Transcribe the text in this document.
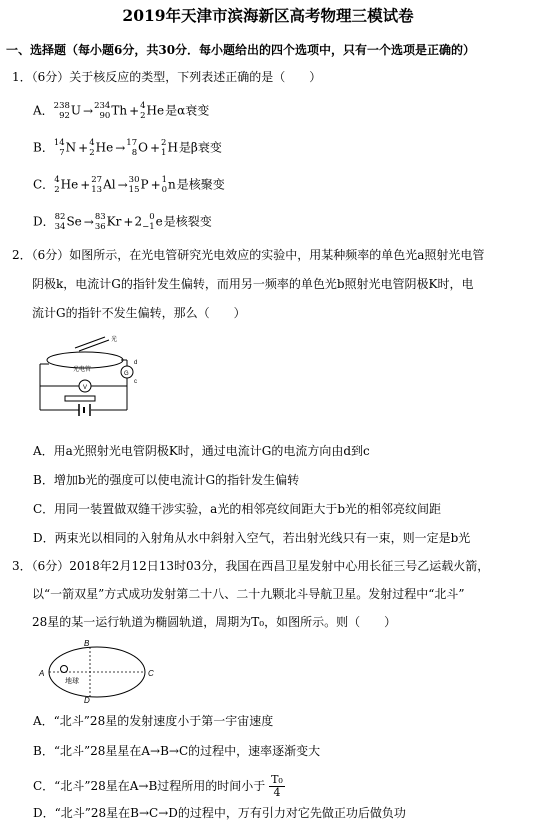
2019年天津市滨海新区高考物理三模试卷
一、选择题（每小题6分，共30分．每小题给出的四个选项中，只有一个选项是正确的）
1．（6分）关于核反应的类型，下列表述正确的是（　　）
A． 238
92 U → 234
90 Th + 4
2 He是α衰变
B． 14
7 N + 4
2 He → 17
8 O + 2
1 H是β衰变
C． 4
2 He + 27
13 Al → 30
15 P + 1
0 n是核聚变
D． 82
34 Se → 83
36 Kr +2 0
−1 e是核裂变
2．（6分）如图所示，在光电管研究光电效应的实验中，用某种频率的单色光a照射光电管
阴极k，电流计G的指针发生偏转，而用另一频率的单色光b照射光电管阴极K时，电
流计G的指针不发生偏转，那么（　　）
光
光电管
V
G
d
c
A．用a光照射光电管阴极K时，通过电流计G的电流方向由d到c
B．增加b光的强度可以使电流计G的指针发生偏转
C．用同一装置做双缝干涉实验，a光的相邻亮纹间距大于b光的相邻亮纹间距
D．两束光以相同的入射角从水中斜射入空气，若出射光线只有一束，则一定是b光
3．（6分）2018年2月12日13时03分，我国在西昌卫星发射中心用长征三号乙运载火箭，
以“一箭双星”方式成功发射第二十八、二十九颗北斗导航卫星。发射过程中“北斗”
28星的某一运行轨道为椭圆轨道，周期为T₀，如图所示。则（　　）
A
B
C
D
地球
A．“北斗”28星的发射速度小于第一宇宙速度
B．“北斗”28星星在A→B→C的过程中，速率逐渐变大
C．“北斗”28星在A→B过程所用的时间小于 $\frac{\text{T₀}}{4}$
D．“北斗”28星在B→C→D的过程中，万有引力对它先做正功后做负功
